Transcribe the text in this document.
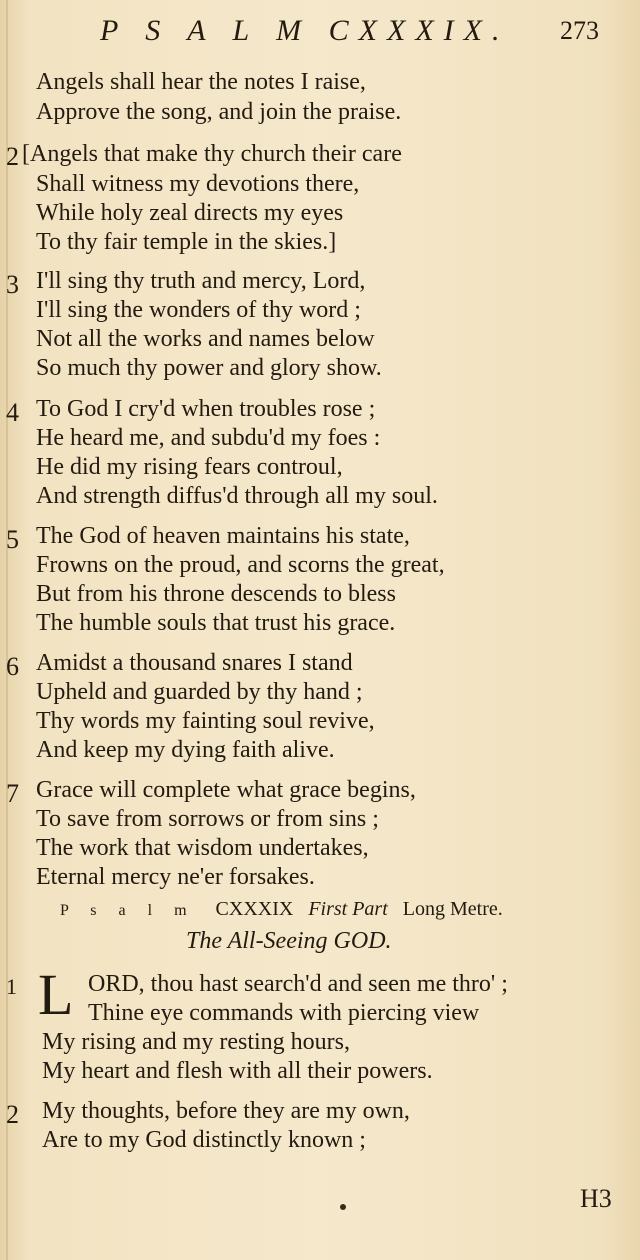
P S A L M CXXXIX. 273
Angels shall hear the notes I raise,
Approve the song, and join the praise.
2 [Angels that make thy church their care
Shall witness my devotions there,
While holy zeal directs my eyes
To thy fair temple in the skies.]
3 I'll sing thy truth and mercy, Lord,
I'll sing the wonders of thy word ;
Not all the works and names below
So much thy power and glory show.
4 To God I cry'd when troubles rose ;
He heard me, and subdu'd my foes :
He did my rising fears controul,
And strength diffus'd through all my soul.
5 The God of heaven maintains his state,
Frowns on the proud, and scorns the great,
But from his throne descends to bless
The humble souls that trust his grace.
6 Amidst a thousand snares I stand
Upheld and guarded by thy hand ;
Thy words my fainting soul revive,
And keep my dying faith alive.
7 Grace will complete what grace begins,
To save from sorrows or from sins ;
The work that wisdom undertakes,
Eternal mercy ne'er forsakes.
P s a l m CXXXIX First Part Long Metre.
The All-Seeing GOD.
1 L ORD, thou hast search'd and seen me thro' ;
Thine eye commands with piercing view
My rising and my resting hours,
My heart and flesh with all their powers.
2 My thoughts, before they are my own,
Are to my God distinctly known ;
H3
